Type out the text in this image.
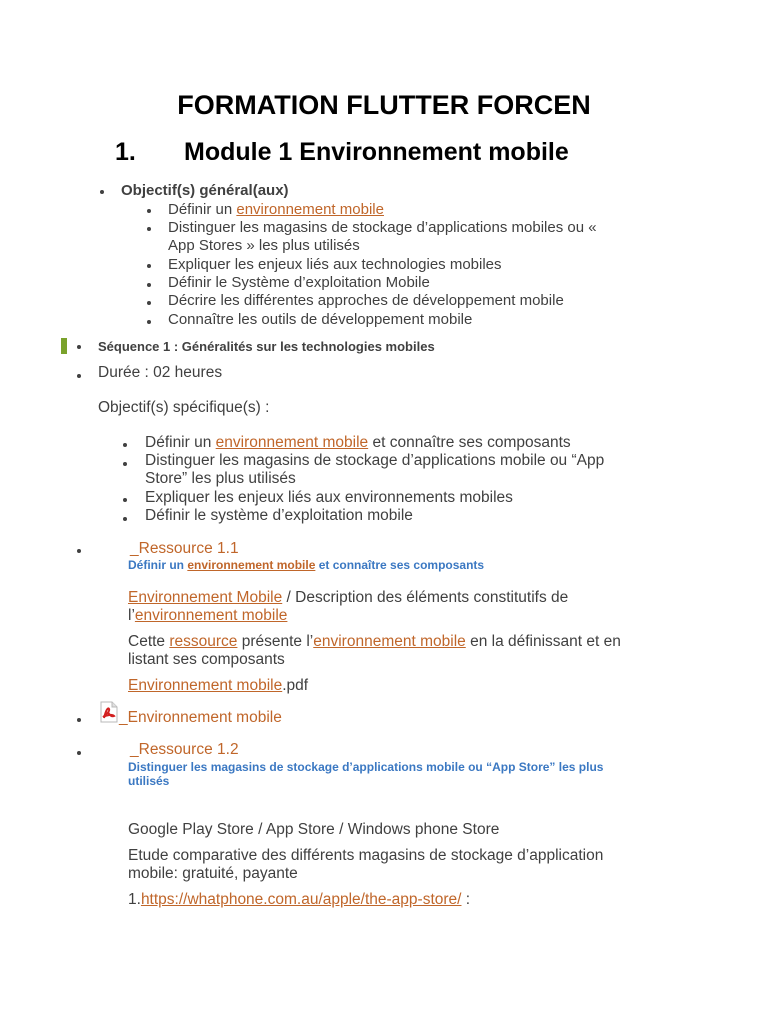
FORMATION FLUTTER FORCEN
1. Module 1 Environnement mobile
Objectif(s) général(aux)
Définir un environnement mobile
Distinguer les magasins de stockage d’applications mobiles ou «
App Stores » les plus utilisés
Expliquer les enjeux liés aux technologies mobiles
Définir le Système d’exploitation Mobile
Décrire les différentes approches de développement mobile
Connaître les outils de développement mobile
Séquence 1 : Généralités sur les technologies mobiles
Durée : 02 heures
Objectif(s) spécifique(s) :
Définir un environnement mobile et connaître ses composants
Distinguer les magasins de stockage d’applications mobile ou “App
Store” les plus utilisés
Expliquer les enjeux liés aux environnements mobiles
Définir le système d’exploitation mobile
_Ressource 1.1
Définir un environnement mobile et connaître ses composants
Environnement Mobile / Description des éléments constitutifs de
l’environnement mobile
Cette ressource présente l’environnement mobile en la définissant et en
listant ses composants
Environnement mobile.pdf
_Environnement mobile
_Ressource 1.2
Distinguer les magasins de stockage d’applications mobile ou “App Store” les plus
utilisés
Google Play Store / App Store / Windows phone Store
Etude comparative des différents magasins de stockage d’application
mobile: gratuité, payante
1.https://whatphone.com.au/apple/the-app-store/ :
